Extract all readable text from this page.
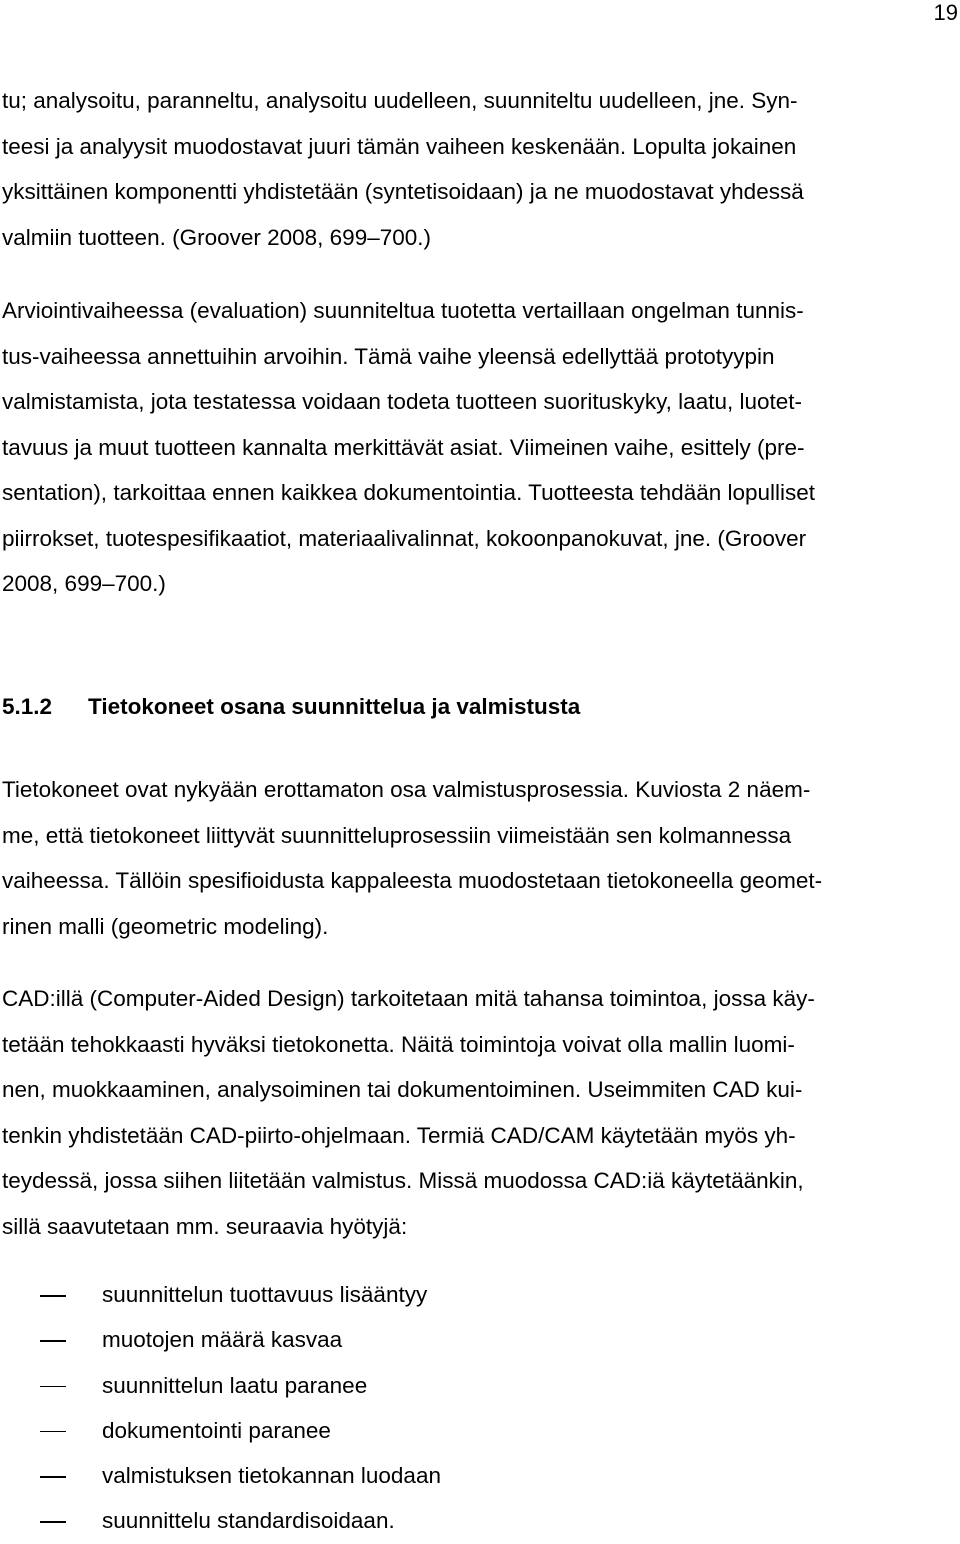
19

tu; analysoitu, paranneltu, analysoitu uudelleen, suunniteltu uudelleen, jne. Syn-
teesi ja analyysit muodostavat juuri tämän vaiheen keskenään. Lopulta jokainen
yksittäinen komponentti yhdistetään (syntetisoidaan) ja ne muodostavat yhdessä
valmiin tuotteen. (Groover 2008, 699–700.)

Arviointivaiheessa (evaluation) suunniteltua tuotetta vertaillaan ongelman tunnis-
tus-vaiheessa annettuihin arvoihin. Tämä vaihe yleensä edellyttää prototyypin
valmistamista, jota testatessa voidaan todeta tuotteen suorituskyky, laatu, luotet-
tavuus ja muut tuotteen kannalta merkittävät asiat. Viimeinen vaihe, esittely (pre-
sentation), tarkoittaa ennen kaikkea dokumentointia. Tuotteesta tehdään lopulliset
piirrokset, tuotespesifikaatiot, materiaalivalinnat, kokoonpanokuvat, jne. (Groover
2008, 699–700.)

5.1.2 Tietokoneet osana suunnittelua ja valmistusta

Tietokoneet ovat nykyään erottamaton osa valmistusprosessia. Kuviosta 2 näem-
me, että tietokoneet liittyvät suunnitteluprosessiin viimeistään sen kolmannessa
vaiheessa. Tällöin spesifioidusta kappaleesta muodostetaan tietokoneella geomet-
rinen malli (geometric modeling).

CAD:illä (Computer-Aided Design) tarkoitetaan mitä tahansa toimintoa, jossa käy-
tetään tehokkaasti hyväksi tietokonetta. Näitä toimintoja voivat olla mallin luomi-
nen, muokkaaminen, analysoiminen tai dokumentoiminen. Useimmiten CAD kui-
tenkin yhdistetään CAD-piirto-ohjelmaan. Termiä CAD/CAM käytetään myös yh-
teydessä, jossa siihen liitetään valmistus. Missä muodossa CAD:iä käytetäänkin,
sillä saavutetaan mm. seuraavia hyötyjä:

suunnittelun tuottavuus lisääntyy
muotojen määrä kasvaa
suunnittelun laatu paranee
dokumentointi paranee
valmistuksen tietokannan luodaan
suunnittelu standardisoidaan.
